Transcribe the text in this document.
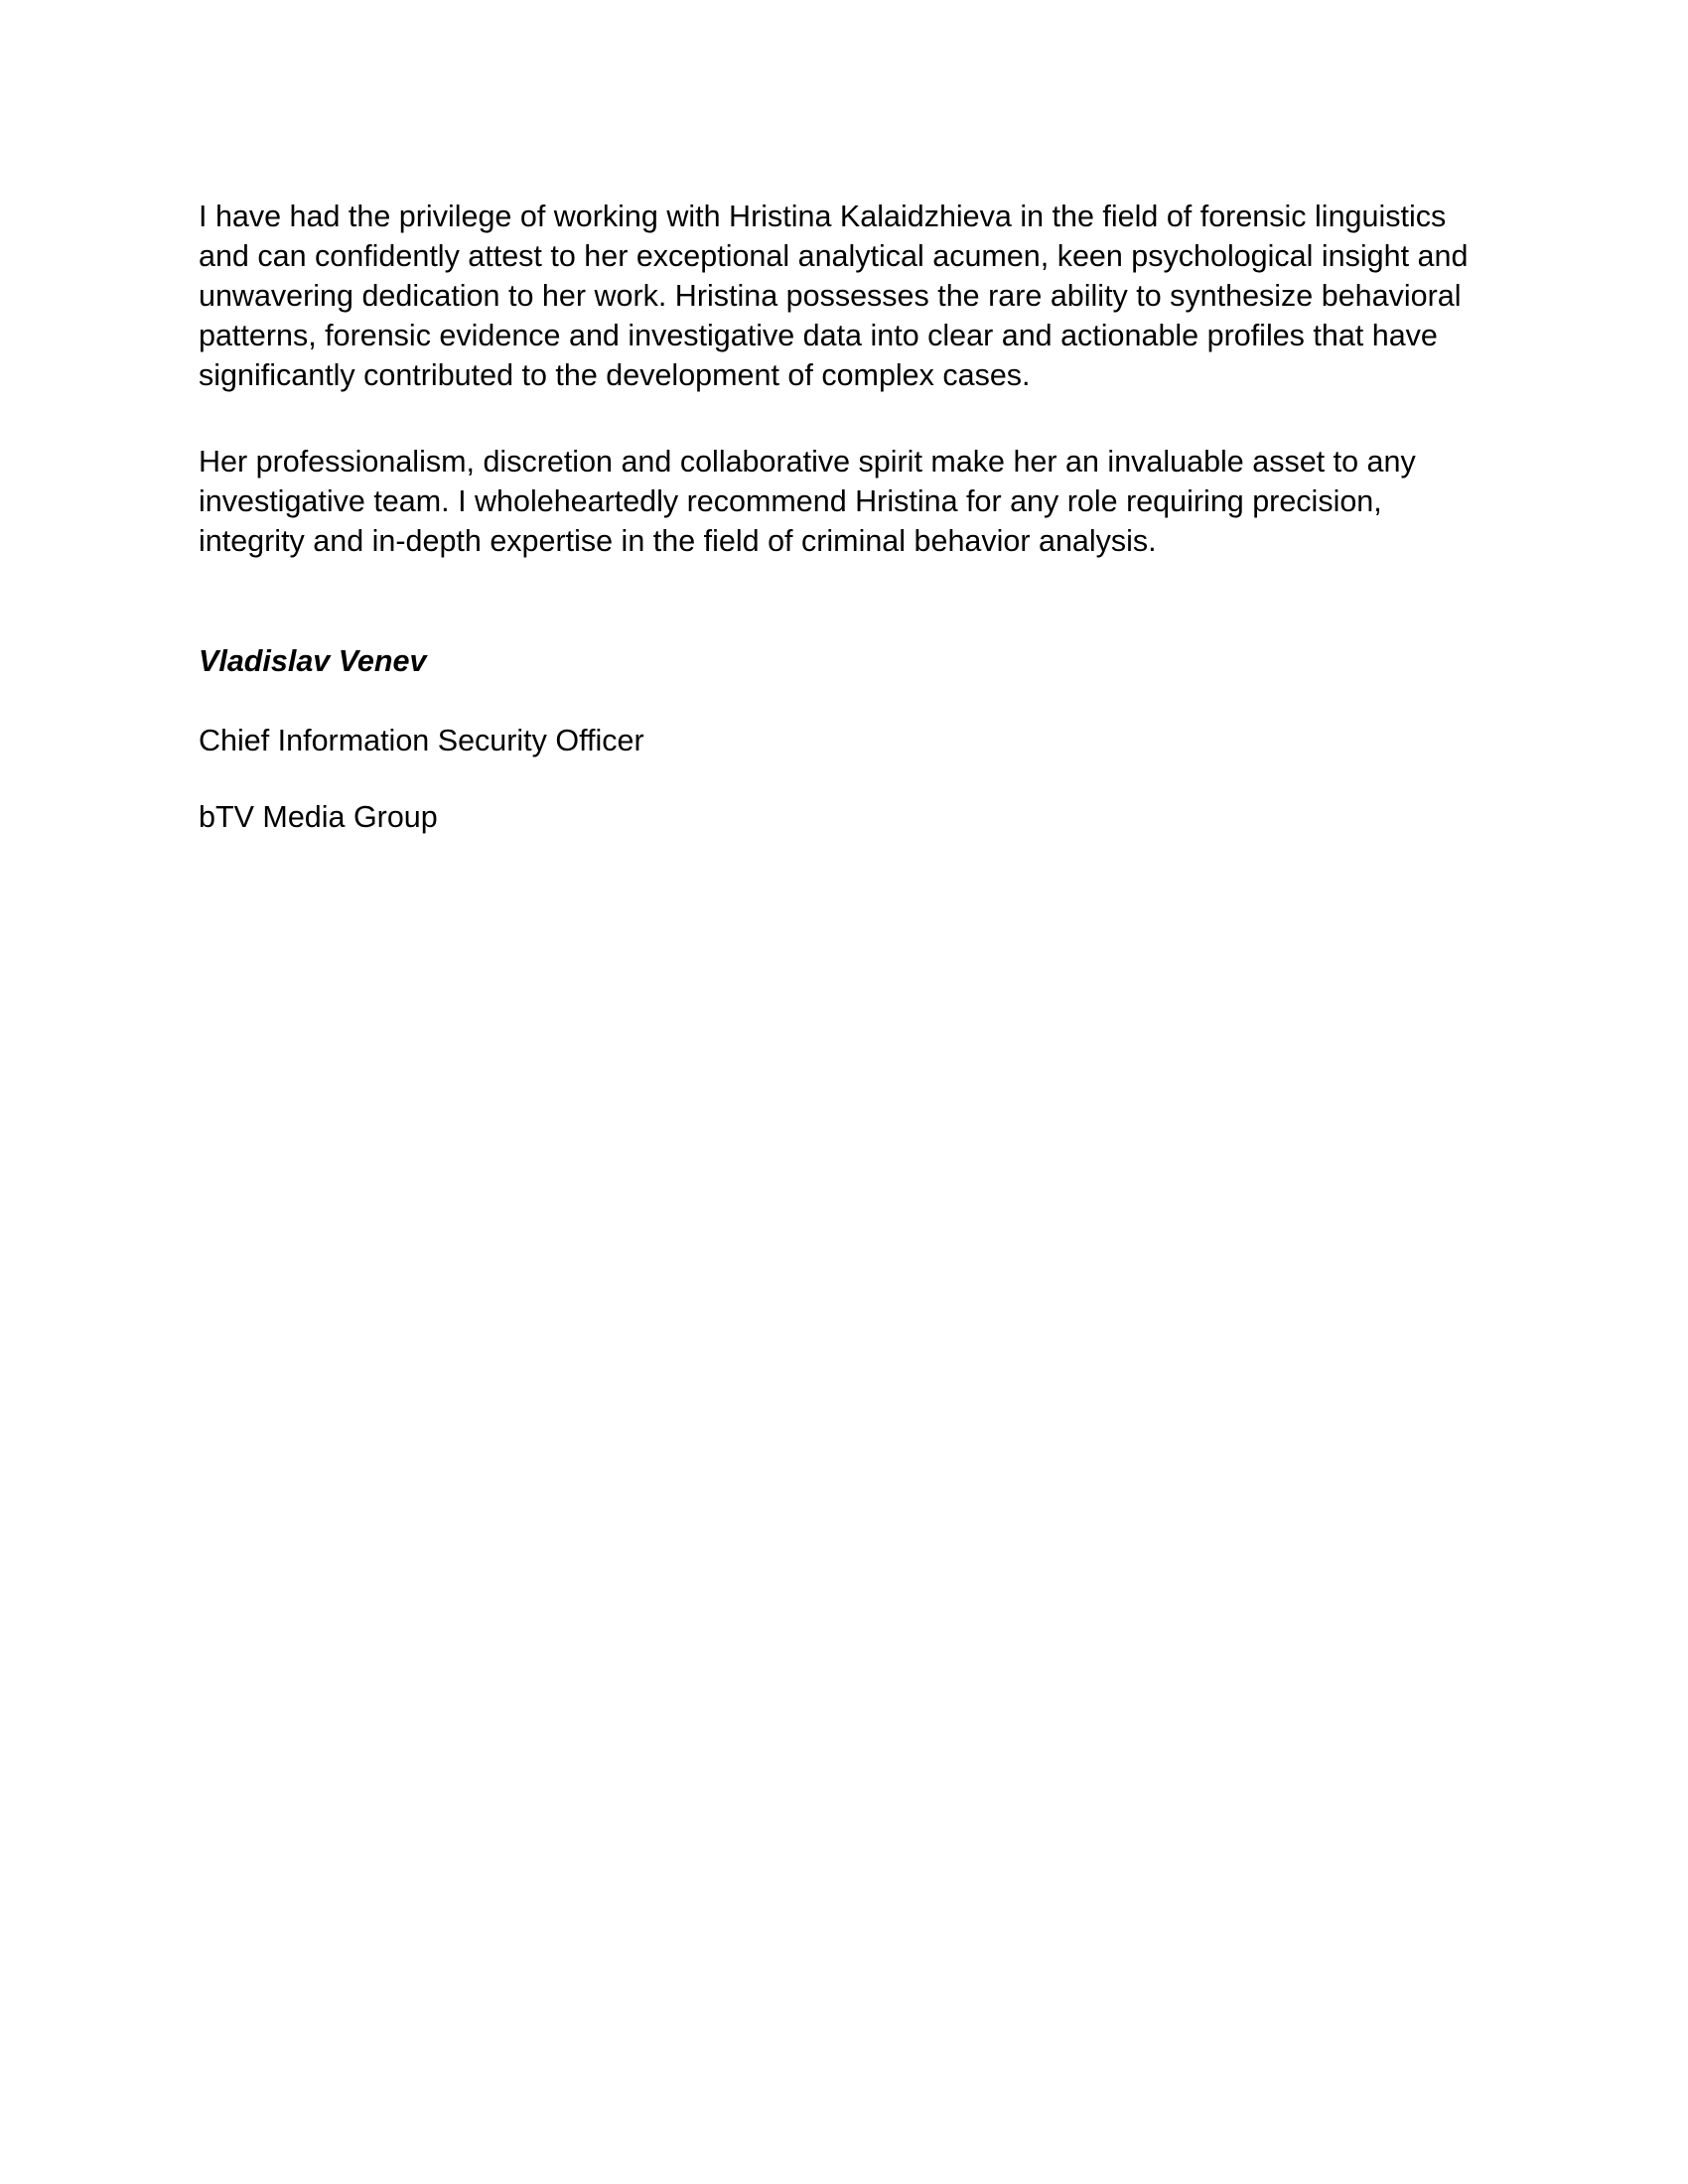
I have had the privilege of working with Hristina Kalaidzhieva in the field of forensic linguistics and can confidently attest to her exceptional analytical acumen, keen psychological insight and unwavering dedication to her work. Hristina possesses the rare ability to synthesize behavioral patterns, forensic evidence and investigative data into clear and actionable profiles that have significantly contributed to the development of complex cases.

Her professionalism, discretion and collaborative spirit make her an invaluable asset to any investigative team. I wholeheartedly recommend Hristina for any role requiring precision, integrity and in-depth expertise in the field of criminal behavior analysis.

Vladislav Venev

Chief Information Security Officer

bTV Media Group
